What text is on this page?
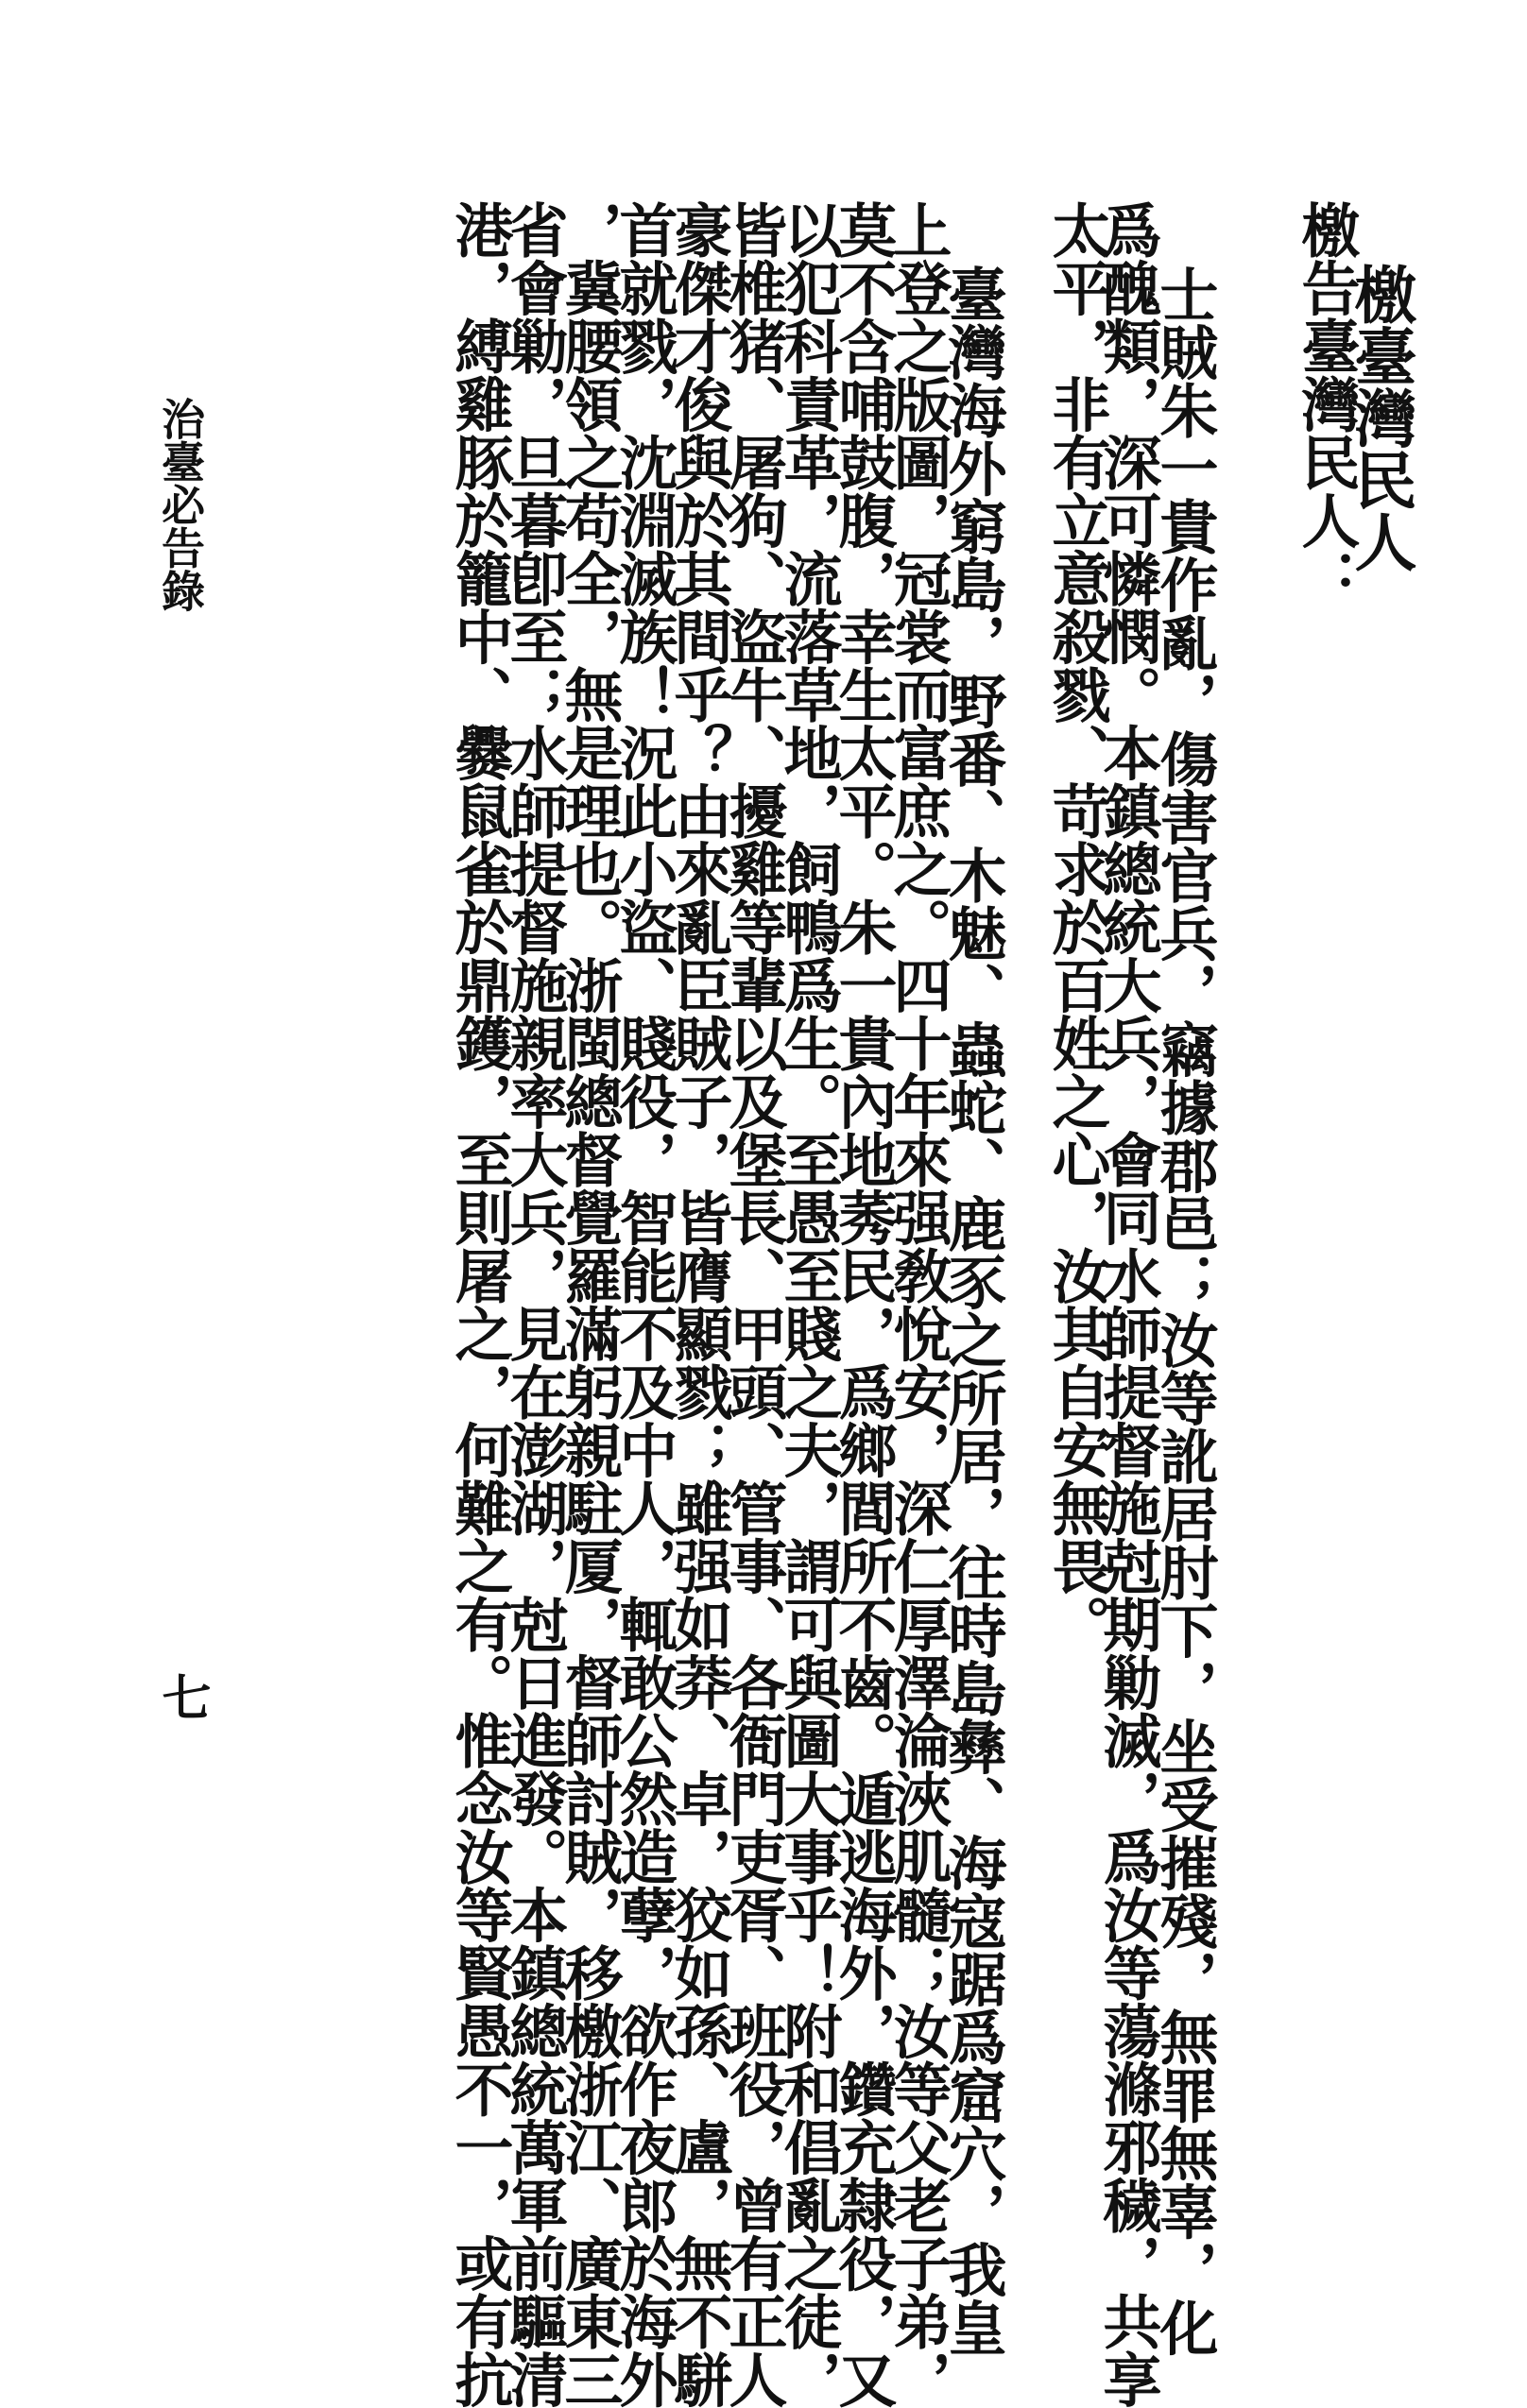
檄臺灣民人
檄告臺灣民人：
士賊朱一貴作亂，傷害官兵，竊據郡邑；汝等訛居肘下，坐受摧殘，無罪無辜，化
爲醜類，深可憐憫。本鎮總統大兵，會同水師提督施尅期勦滅，爲汝等蕩滌邪穢，共享
太平，非有立意殺戮、苛求於百姓之心，汝其自安無畏。
臺灣海外窮島，野番、木魅、蟲蛇、鹿豕之所居，往時島彝、海寇踞爲窟穴，我皇
上登之版圖，冠裳而富庶之。四十年來强敎悅安，深仁厚澤淪浹肌髓；汝等父老子弟，
莫不含哺鼓腹，幸生太平。朱一貴內地莠民，爲鄉閭所不齒。遁逃海外，鑽充隸役，又
以犯科責革，流落草地，飼鴨爲生。至愚至賤之夫，謂可與圖大事乎！附和倡亂之徒，
皆椎猪、屠狗、盜牛、擾雞等輩以及堡長、甲頭、管事、各衙門吏胥、班役，曾有正人
豪傑才俊與於其間乎？由來亂臣賊子，皆膺顯戮；雖强如莽、卓，狡如孫、盧，無不駢
首就戮，沈淵滅族！況此小盜、賤役，智能不及中人，輒敢公然造孽，欲作夜郎於海外
，冀腰領之苟全，無是理也。浙閩總督覺羅滿躬親駐厦，督師討賊，移檄浙江、廣東三
省會勦，旦暮卽至；水師提督施親率大兵，見在澎湖，尅日進發。本鎮總統萬軍前驅清
港，縛雞豚於籠中、爨鼠雀於鼎鑊，至則屠之，何難之有。惟念汝等賢愚不一，或有抗
治臺必告錄
七
